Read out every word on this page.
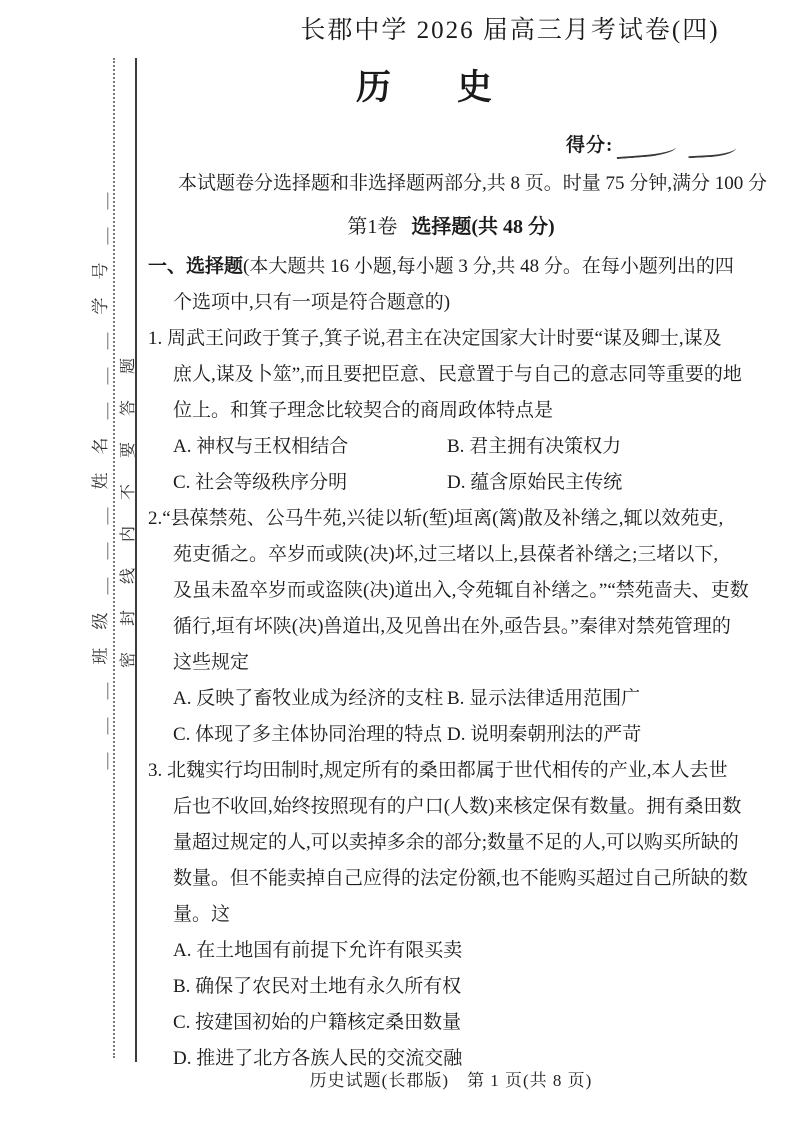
＿＿＿班级＿＿＿姓名＿＿＿学号＿＿ 密封线内不要答题
长郡中学 2026 届高三月考试卷(四)
历史
得分:
本试题卷分选择题和非选择题两部分,共 8 页。时量 75 分钟,满分 100 分
第1卷 选择题(共 48 分)
一、选择题(本大题共 16 小题,每小题 3 分,共 48 分。在每小题列出的四
个选项中,只有一项是符合题意的)
1. 周武王问政于箕子,箕子说,君主在决定国家大计时要“谋及卿士,谋及
庶人,谋及卜筮”,而且要把臣意、民意置于与自己的意志同等重要的地
位上。和箕子理念比较契合的商周政体特点是
A. 神权与王权相结合	B. 君主拥有决策权力
C. 社会等级秩序分明	D. 蕴含原始民主传统
2.“县葆禁苑、公马牛苑,兴徒以斩(堑)垣离(篱)散及补缮之,辄以效苑吏,
苑吏循之。卒岁而或陕(决)坏,过三堵以上,县葆者补缮之;三堵以下,
及虽未盈卒岁而或盗陕(决)道出入,令苑辄自补缮之。”“禁苑啬夫、吏数
循行,垣有坏陕(决)兽道出,及见兽出在外,亟告县。”秦律对禁苑管理的
这些规定
A. 反映了畜牧业成为经济的支柱 B. 显示法律适用范围广
C. 体现了多主体协同治理的特点 D. 说明秦朝刑法的严苛
3. 北魏实行均田制时,规定所有的桑田都属于世代相传的产业,本人去世
后也不收回,始终按照现有的户口(人数)来核定保有数量。拥有桑田数
量超过规定的人,可以卖掉多余的部分;数量不足的人,可以购买所缺的
数量。但不能卖掉自己应得的法定份额,也不能购买超过自己所缺的数
量。这
A. 在土地国有前提下允许有限买卖
B. 确保了农民对土地有永久所有权
C. 按建国初始的户籍核定桑田数量
D. 推进了北方各族人民的交流交融
历史试题(长郡版)　第 1 页(共 8 页)
